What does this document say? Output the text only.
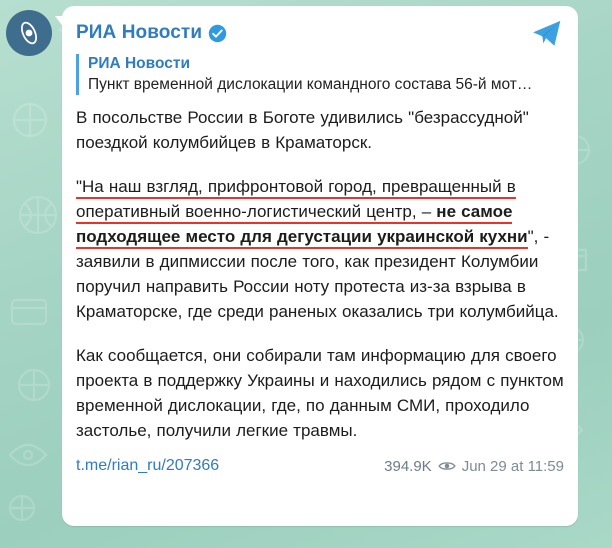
РИА Новости
РИА Новости
Пункт временной дислокации командного состава 56-й мот…

В посольстве России в Боготе удивились "безрассудной" поездкой колумбийцев в Краматорск.

"На наш взгляд, прифронтовой город, превращенный в
оперативный военно-логистический центр, – не самое
подходящее место для дегустации украинской кухни", - заявили в дипмиссии после того, как президент Колумбии поручил направить России ноту протеста из-за взрыва в Краматорске, где среди раненых оказались три колумбийца.

Как сообщается, они собирали там информацию для своего проекта в поддержку Украины и находились рядом с пунктом временной дислокации, где, по данным СМИ, проходило застолье, получили легкие травмы.

t.me/rian_ru/207366	394.9K Jun 29 at 11:59
